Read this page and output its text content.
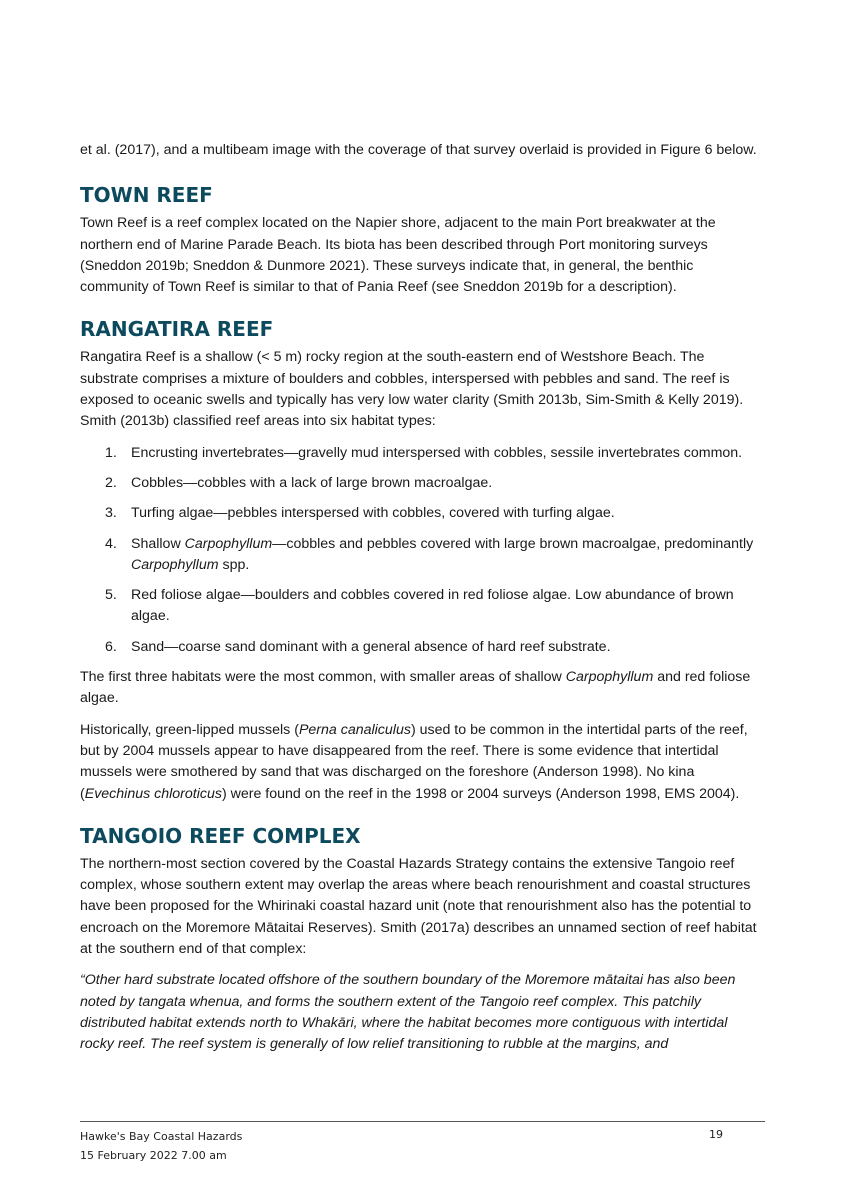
et al. (2017), and a multibeam image with the coverage of that survey overlaid is provided in Figure 6 below.

TOWN REEF

Town Reef is a reef complex located on the Napier shore, adjacent to the main Port breakwater at the northern end of Marine Parade Beach. Its biota has been described through Port monitoring surveys (Sneddon 2019b; Sneddon & Dunmore 2021). These surveys indicate that, in general, the benthic community of Town Reef is similar to that of Pania Reef (see Sneddon 2019b for a description).

RANGATIRA REEF

Rangatira Reef is a shallow (< 5 m) rocky region at the south-eastern end of Westshore Beach. The substrate comprises a mixture of boulders and cobbles, interspersed with pebbles and sand. The reef is exposed to oceanic swells and typically has very low water clarity (Smith 2013b, Sim-Smith & Kelly 2019). Smith (2013b) classified reef areas into six habitat types:

1. Encrusting invertebrates—gravelly mud interspersed with cobbles, sessile invertebrates common.
2. Cobbles—cobbles with a lack of large brown macroalgae.
3. Turfing algae—pebbles interspersed with cobbles, covered with turfing algae.
4. Shallow Carpophyllum—cobbles and pebbles covered with large brown macroalgae, predominantly Carpophyllum spp.
5. Red foliose algae—boulders and cobbles covered in red foliose algae. Low abundance of brown algae.
6. Sand—coarse sand dominant with a general absence of hard reef substrate.

The first three habitats were the most common, with smaller areas of shallow Carpophyllum and red foliose algae.

Historically, green-lipped mussels (Perna canaliculus) used to be common in the intertidal parts of the reef, but by 2004 mussels appear to have disappeared from the reef. There is some evidence that intertidal mussels were smothered by sand that was discharged on the foreshore (Anderson 1998). No kina (Evechinus chloroticus) were found on the reef in the 1998 or 2004 surveys (Anderson 1998, EMS 2004).

TANGOIO REEF COMPLEX

The northern-most section covered by the Coastal Hazards Strategy contains the extensive Tangoio reef complex, whose southern extent may overlap the areas where beach renourishment and coastal structures have been proposed for the Whirinaki coastal hazard unit (note that renourishment also has the potential to encroach on the Moremore Mātaitai Reserves). Smith (2017a) describes an unnamed section of reef habitat at the southern end of that complex:

“Other hard substrate located offshore of the southern boundary of the Moremore mātaitai has also been noted by tangata whenua, and forms the southern extent of the Tangoio reef complex. This patchily distributed habitat extends north to Whakāri, where the habitat becomes more contiguous with intertidal rocky reef. The reef system is generally of low relief transitioning to rubble at the margins, and

Hawke's Bay Coastal Hazards
15 February 2022 7.00 am
19
